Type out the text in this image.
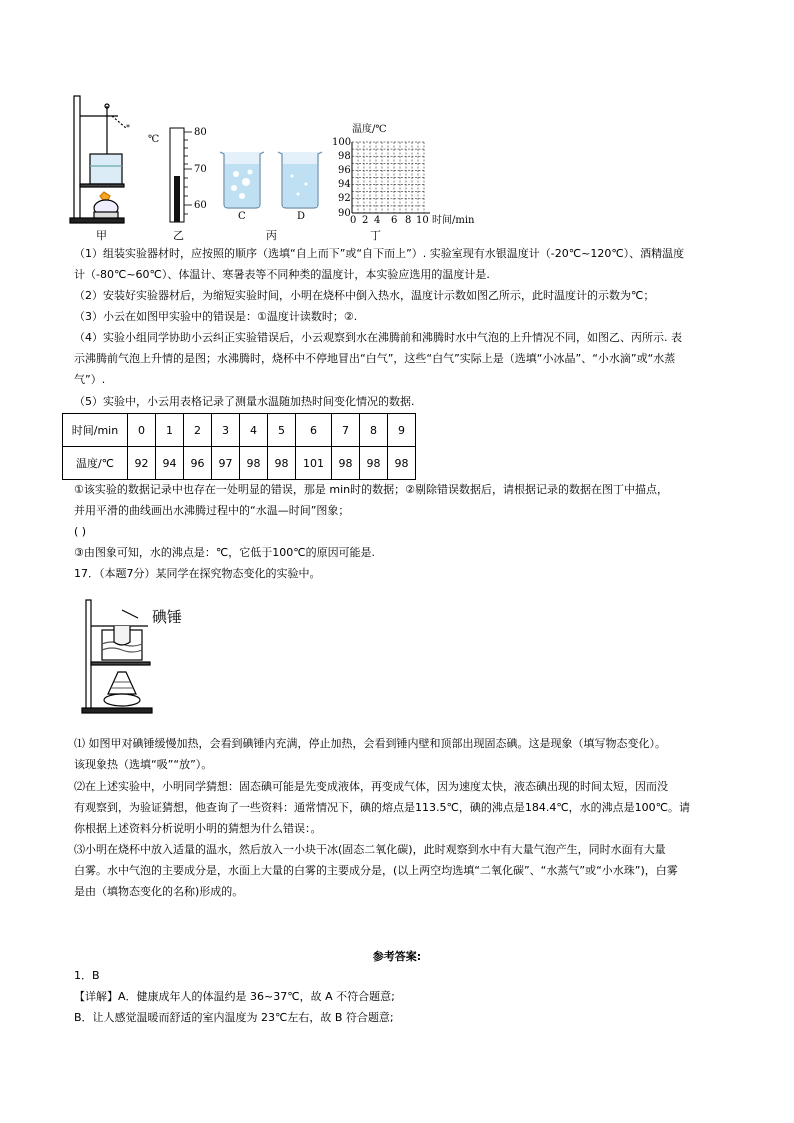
*
℃
80
70
60
C	D
温度/℃
100
98
96
94
92
90
0 2 4 6 8 10 时间/min
甲	乙	丙	丁
（1）组装实验器材时，应按照的顺序（选填“自上而下”或“自下而上”）. 实验室现有水银温度计（-20℃~120℃）、酒精温度
计（-80℃~60℃）、体温计、寒暑表等不同种类的温度计，本实验应选用的温度计是.
（2）安装好实验器材后，为缩短实验时间，小明在烧杯中倒入热水，温度计示数如图乙所示，此时温度计的示数为℃；
（3）小云在如图甲实验中的错误是：①温度计读数时；②.
（4）实验小组同学协助小云纠正实验错误后，小云观察到水在沸腾前和沸腾时水中气泡的上升情况不同，如图乙、丙所示. 表
示沸腾前气泡上升情的是图；水沸腾时，烧杯中不停地冒出“白气”，这些“白气”实际上是（选填“小冰晶”、“小水滴”或“水蒸
气”）.
（5）实验中，小云用表格记录了测量水温随加热时间变化情况的数据.
时间/min	0	1	2	3	4	5	6	7	8	9
温度/℃	92	94	96	97	98	98	101	98	98	98
①该实验的数据记录中也存在一处明显的错误，那是 min时的数据；②剔除错误数据后，请根据记录的数据在图丁中描点，
并用平滑的曲线画出水沸腾过程中的“水温—时间”图象；
( )
③由图象可知，水的沸点是：℃，它低于100℃的原因可能是.
17．（本题7分）某同学在探究物态变化的实验中。
碘锤
⑴ 如图甲对碘锤缓慢加热，会看到碘锤内充满，停止加热，会看到锤内壁和顶部出现固态碘。这是现象（填写物态变化）。
该现象热（选填“吸”“放”）。
⑵在上述实验中，小明同学猜想：固态碘可能是先变成液体，再变成气体，因为速度太快，液态碘出现的时间太短，因而没
有观察到，为验证猜想，他查询了一些资料：通常情况下，碘的熔点是113.5℃，碘的沸点是184.4℃，水的沸点是100℃。请
你根据上述资料分析说明小明的猜想为什么错误：。
⑶小明在烧杯中放入适量的温水，然后放入一小块干冰(固态二氧化碳)，此时观察到水中有大量气泡产生，同时水面有大量
白雾。水中气泡的主要成分是，水面上大量的白雾的主要成分是，(以上两空均选填“二氧化碳”、“水蒸气”或“小水珠”)，白雾
是由（填物态变化的名称)形成的。
参考答案:
1．B
【详解】A．健康成年人的体温约是 36~37℃，故 A 不符合题意;
B．让人感觉温暖而舒适的室内温度为 23℃左右，故 B 符合题意;
